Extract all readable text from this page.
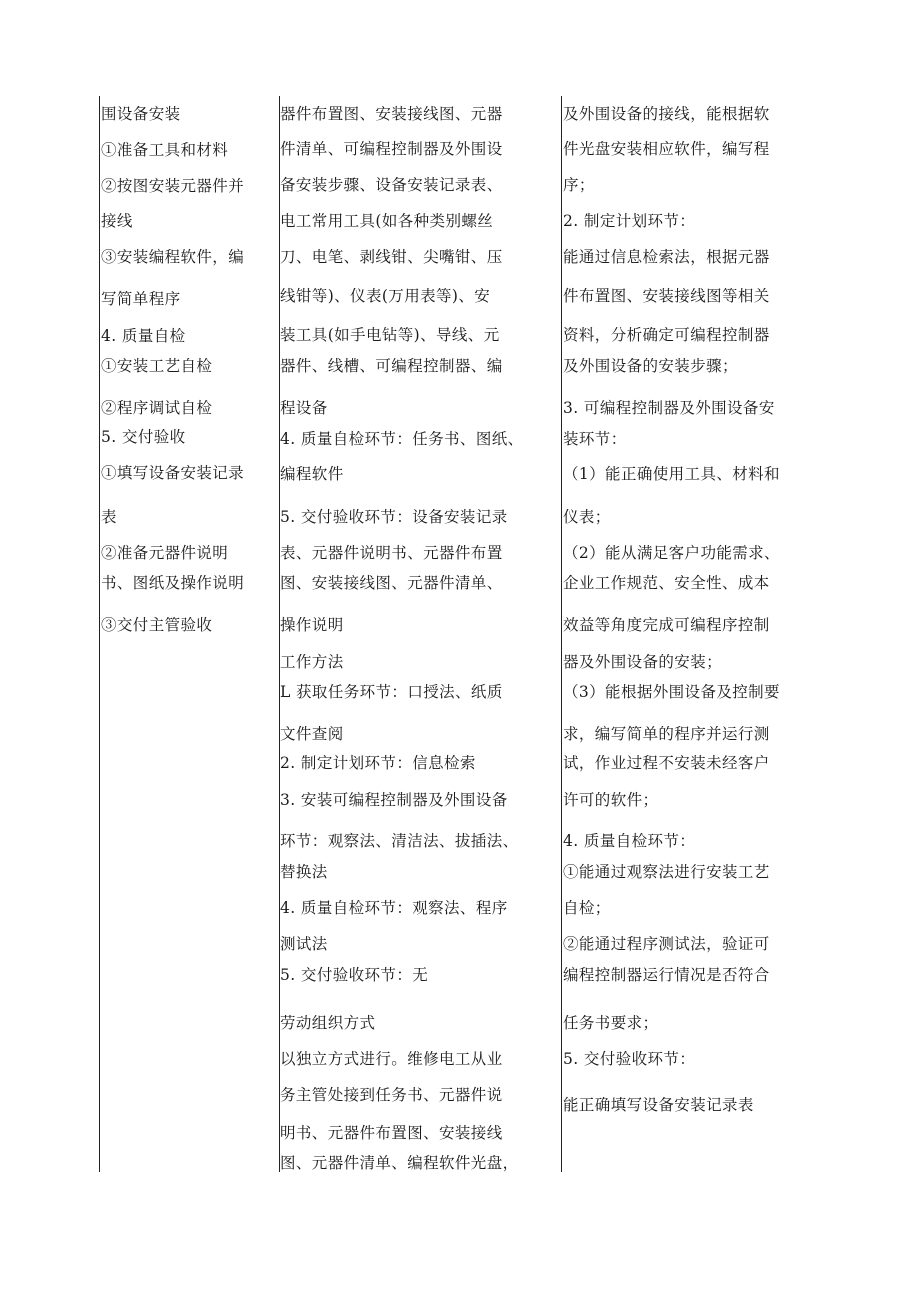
围设备安装

①准备工具和材料

②按图安装元器件并

接线

③安装编程软件，编

写简单程序

4. 质量自检

①安装工艺自检

②程序调试自检

5. 交付验收

①填写设备安装记录

表

②准备元器件说明

书、图纸及操作说明

③交付主管验收

器件布置图、安装接线图、元器

件清单、可编程控制器及外围设

备安装步骤、设备安装记录表、

电工常用工具(如各种类别螺丝

刀、电笔、剥线钳、尖嘴钳、压

线钳等)、仪表(万用表等)、安

装工具(如手电钻等)、导线、元

器件、线槽、可编程控制器、编

程设备

4. 质量自检环节：任务书、图纸、

编程软件

5. 交付验收环节：设备安装记录

表、元器件说明书、元器件布置

图、安装接线图、元器件清单、

操作说明

工作方法

L 获取任务环节：口授法、纸质

文件查阅

2. 制定计划环节：信息检索

3. 安装可编程控制器及外围设备

环节：观察法、清洁法、拔插法、

替换法

4. 质量自检环节：观察法、程序

测试法

5. 交付验收环节：无

劳动组织方式

以独立方式进行。维修电工从业

务主管处接到任务书、元器件说

明书、元器件布置图、安装接线

图、元器件清单、编程软件光盘，

及外围设备的接线，能根据软

件光盘安装相应软件，编写程

序；

2. 制定计划环节：

能通过信息检索法，根据元器

件布置图、安装接线图等相关

资料，分析确定可编程控制器

及外围设备的安装步骤；

3. 可编程控制器及外围设备安

装环节：

（1）能正确使用工具、材料和

仪表；

（2）能从满足客户功能需求、

企业工作规范、安全性、成本

效益等角度完成可编程序控制

器及外围设备的安装；

（3）能根据外围设备及控制要

求，编写简单的程序并运行测

试，作业过程不安装未经客户

许可的软件；

4. 质量自检环节：

①能通过观察法进行安装工艺

自检；

②能通过程序测试法，验证可

编程控制器运行情况是否符合

任务书要求；

5. 交付验收环节：

能正确填写设备安装记录表
